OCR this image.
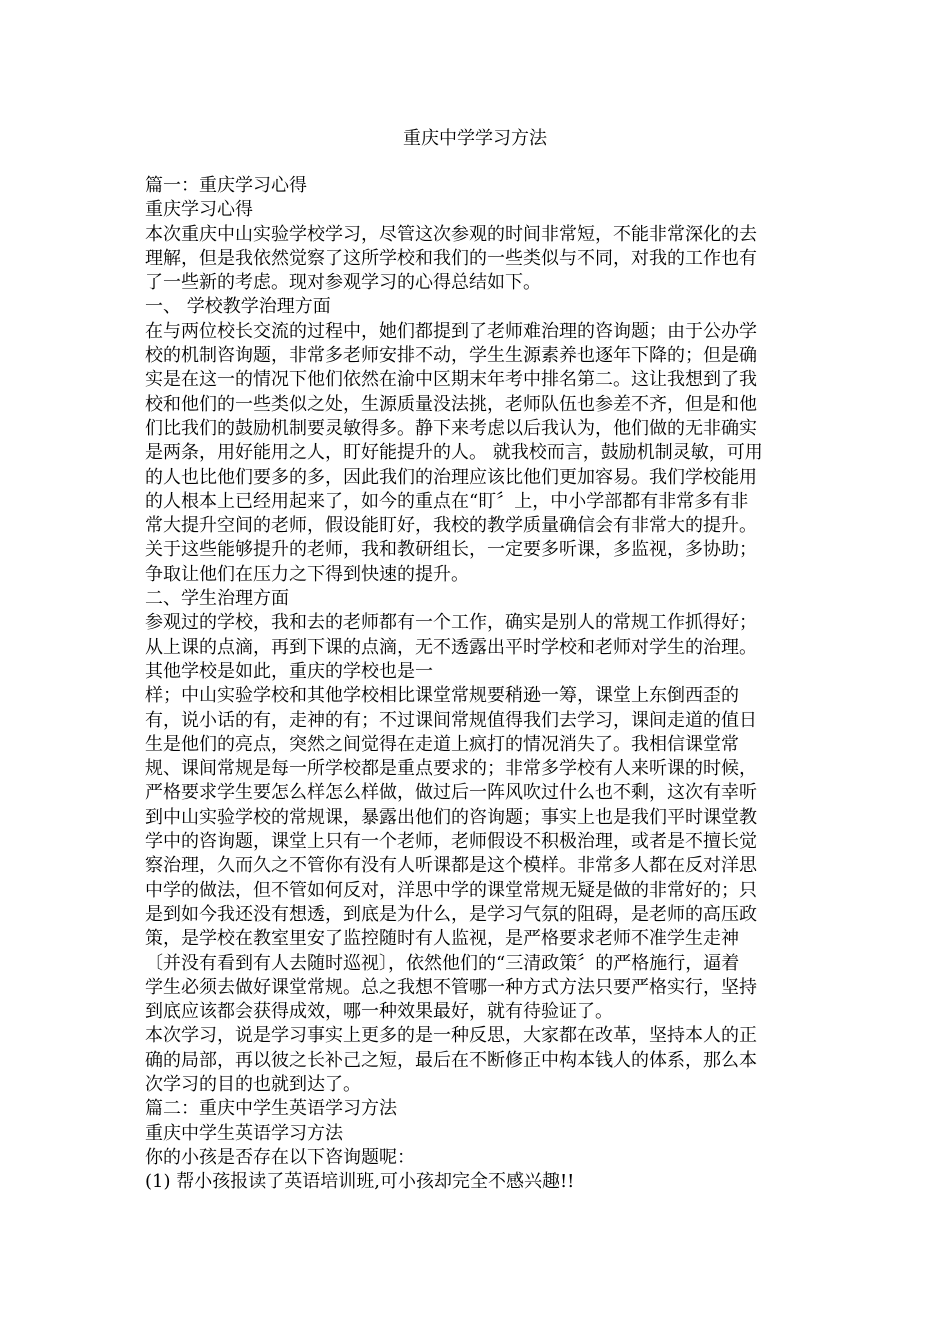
重庆中学学习方法
篇一：重庆学习心得
重庆学习心得
本次重庆中山实验学校学习，尽管这次参观的时间非常短，不能非常深化的去
理解，但是我依然觉察了这所学校和我们的一些类似与不同，对我的工作也有
了一些新的考虑。现对参观学习的心得总结如下。
一、 学校教学治理方面
在与两位校长交流的过程中，她们都提到了老师难治理的咨询题；由于公办学
校的机制咨询题，非常多老师安排不动，学生生源素养也逐年下降的；但是确
实是在这一的情况下他们依然在渝中区期末年考中排名第二。这让我想到了我
校和他们的一些类似之处，生源质量没法挑，老师队伍也参差不齐，但是和他
们比我们的鼓励机制要灵敏得多。静下来考虑以后我认为，他们做的无非确实
是两条，用好能用之人，盯好能提升的人。 就我校而言，鼓励机制灵敏，可用
的人也比他们要多的多，因此我们的治理应该比他们更加容易。我们学校能用
的人根本上已经用起来了，如今的重点在“盯〞上，中小学部都有非常多有非
常大提升空间的老师，假设能盯好，我校的教学质量确信会有非常大的提升。
关于这些能够提升的老师，我和教研组长，一定要多听课，多监视，多协助；
争取让他们在压力之下得到快速的提升。
二、学生治理方面
参观过的学校，我和去的老师都有一个工作，确实是别人的常规工作抓得好；
从上课的点滴，再到下课的点滴，无不透露出平时学校和老师对学生的治理。
其他学校是如此，重庆的学校也是一
样；中山实验学校和其他学校相比课堂常规要稍逊一筹，课堂上东倒西歪的
有，说小话的有，走神的有；不过课间常规值得我们去学习，课间走道的值日
生是他们的亮点，突然之间觉得在走道上疯打的情况消失了。我相信课堂常
规、课间常规是每一所学校都是重点要求的；非常多学校有人来听课的时候，
严格要求学生要怎么样怎么样做，做过后一阵风吹过什么也不剩，这次有幸听
到中山实验学校的常规课，暴露出他们的咨询题；事实上也是我们平时课堂教
学中的咨询题，课堂上只有一个老师，老师假设不积极治理，或者是不擅长觉
察治理，久而久之不管你有没有人听课都是这个模样。非常多人都在反对洋思
中学的做法，但不管如何反对，洋思中学的课堂常规无疑是做的非常好的；只
是到如今我还没有想透，到底是为什么，是学习气氛的阻碍，是老师的高压政
策，是学校在教室里安了监控随时有人监视，是严格要求老师不准学生走神
〔并没有看到有人去随时巡视〕，依然他们的“三清政策〞的严格施行，逼着
学生必须去做好课堂常规。总之我想不管哪一种方式方法只要严格实行，坚持
到底应该都会获得成效，哪一种效果最好，就有待验证了。
本次学习，说是学习事实上更多的是一种反思，大家都在改革，坚持本人的正
确的局部，再以彼之长补己之短，最后在不断修正中构本钱人的体系，那么本
次学习的目的也就到达了。
篇二：重庆中学生英语学习方法
重庆中学生英语学习方法
你的小孩是否存在以下咨询题呢：
(1) 帮小孩报读了英语培训班,可小孩却完全不感兴趣!!
